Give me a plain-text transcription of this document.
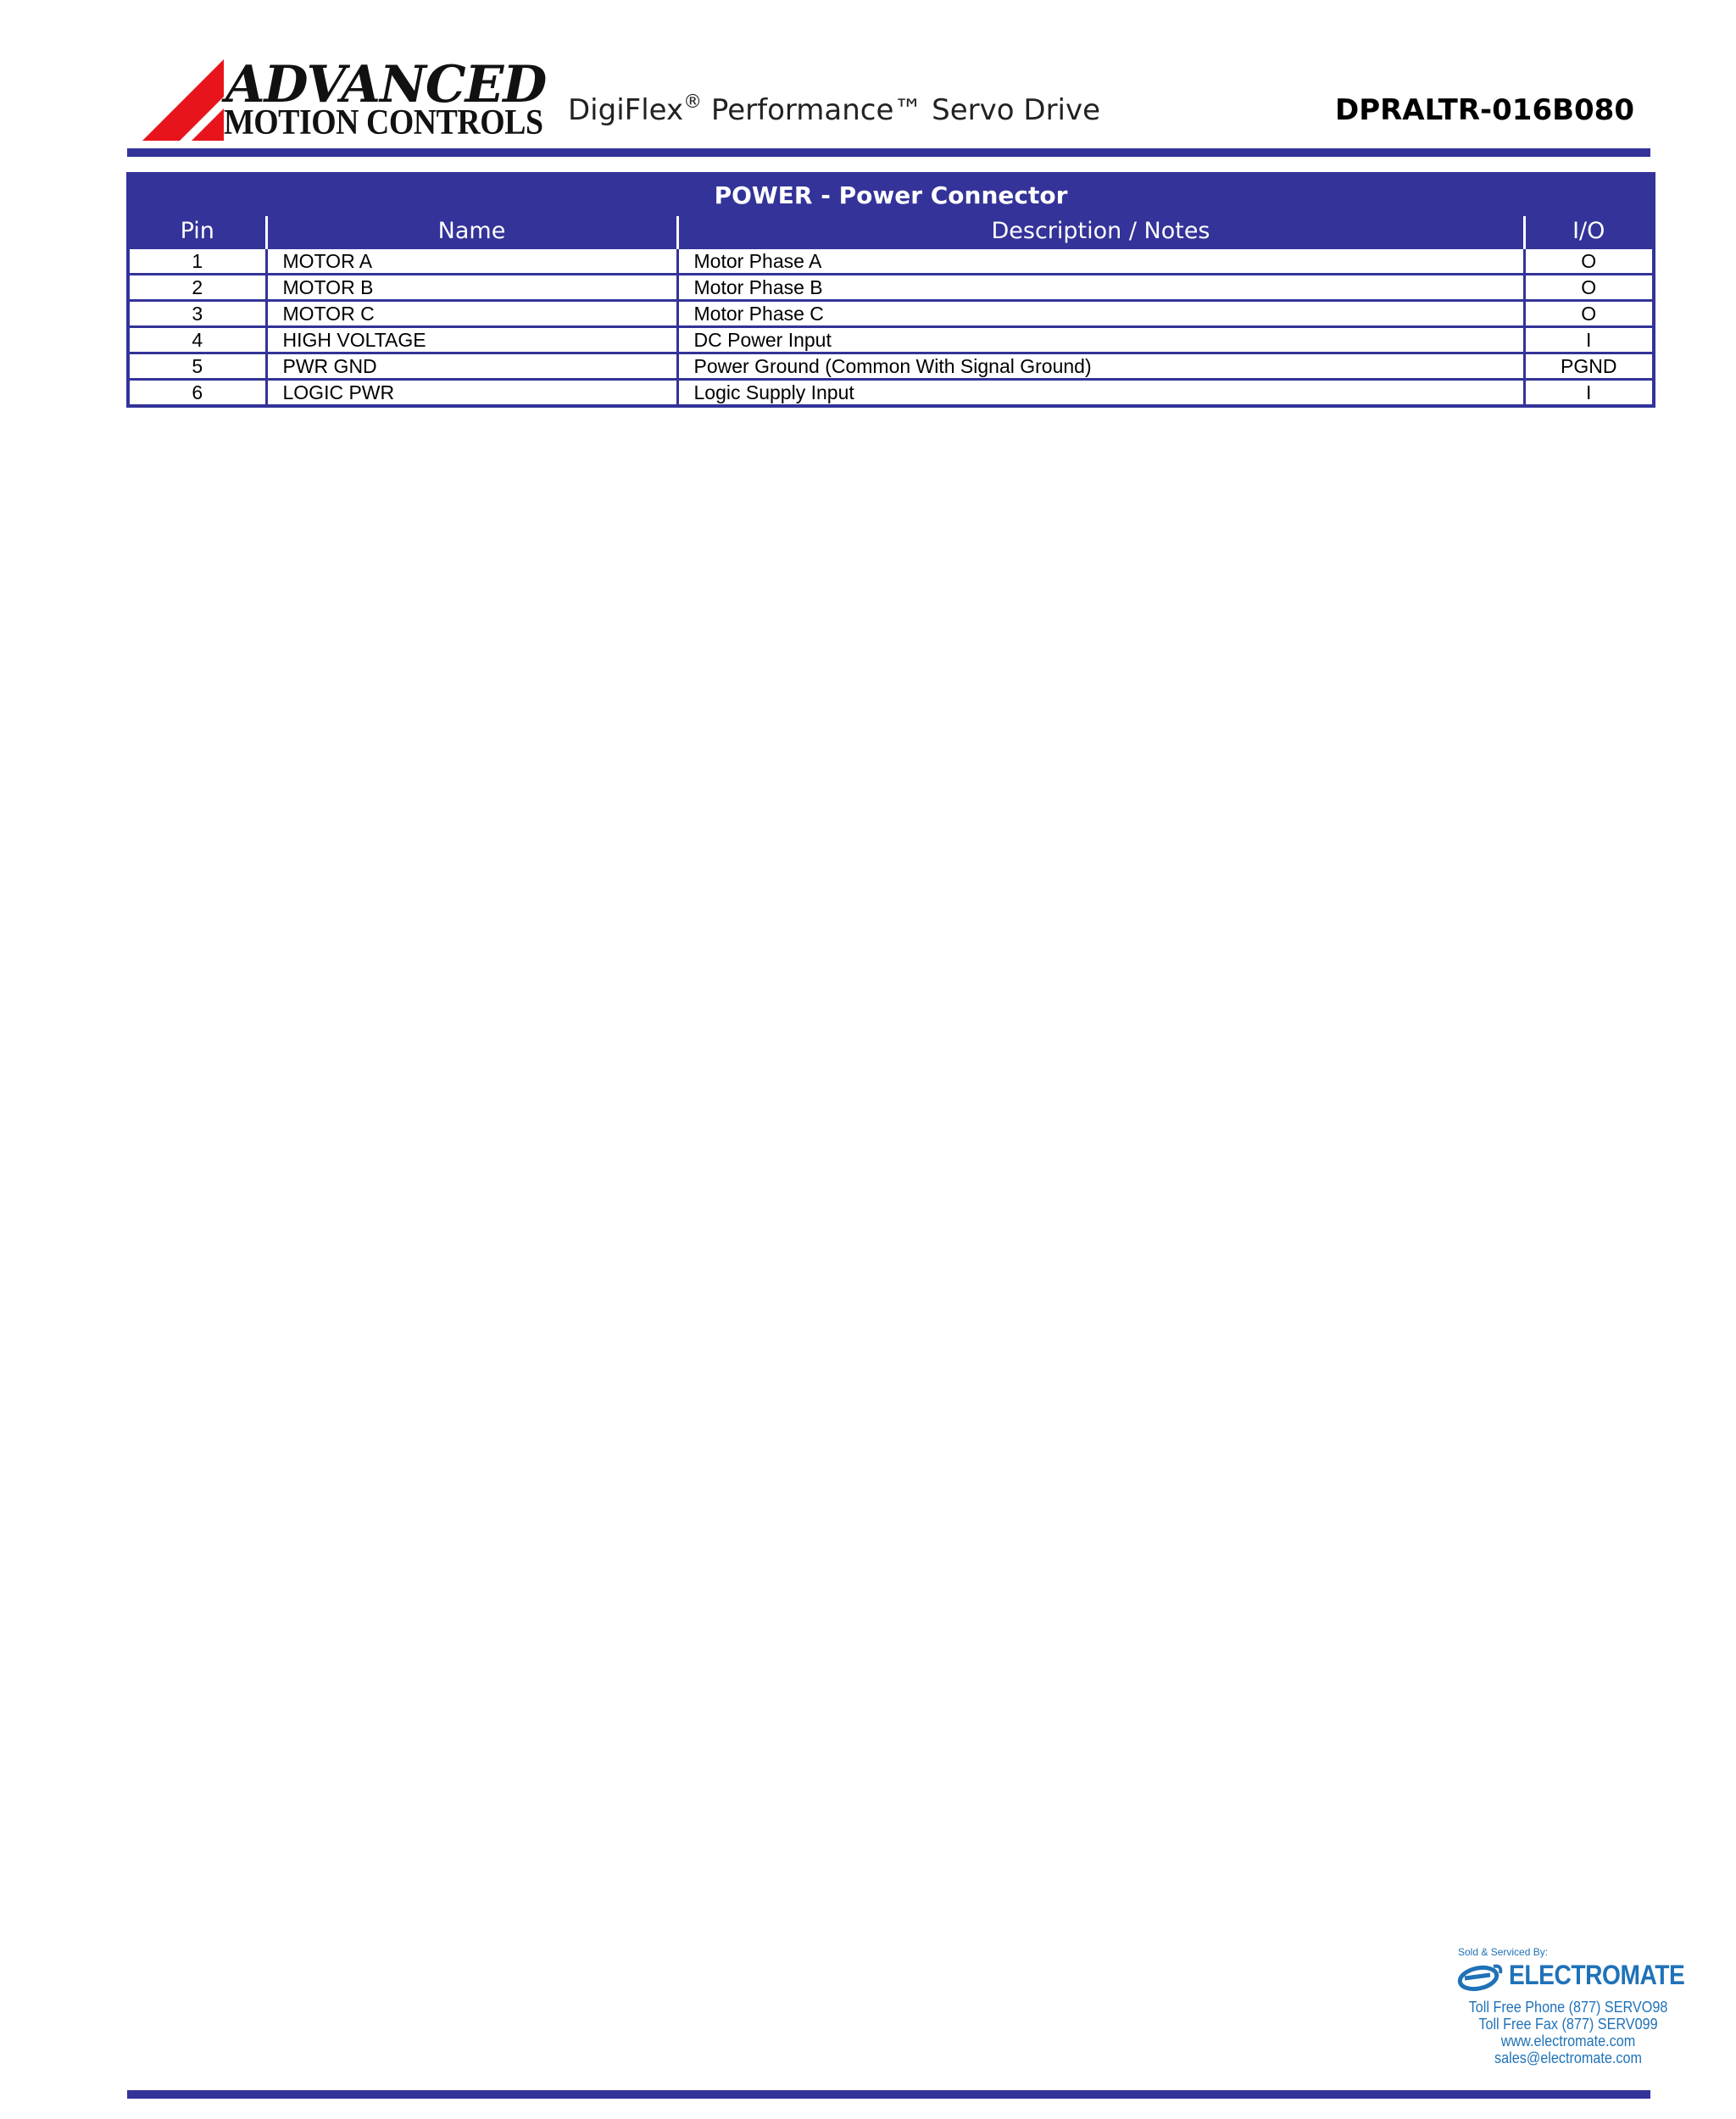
ADVANCED
MOTION CONTROLS DigiFlex® Performance™ Servo Drive	DPRALTR-016B080
POWER - Power Connector
Pin	Name	Description / Notes	I/O
1	MOTOR A	Motor Phase A	O
2	MOTOR B	Motor Phase B	O
3	MOTOR C	Motor Phase C	O
4	HIGH VOLTAGE	DC Power Input	I
5	PWR GND	Power Ground (Common With Signal Ground)	PGND
6	LOGIC PWR	Logic Supply Input	I
Sold & Serviced By:
ELECTROMATE
Toll Free Phone (877) SERVO98
Toll Free Fax (877) SERV099
www.electromate.com
sales@electromate.com
